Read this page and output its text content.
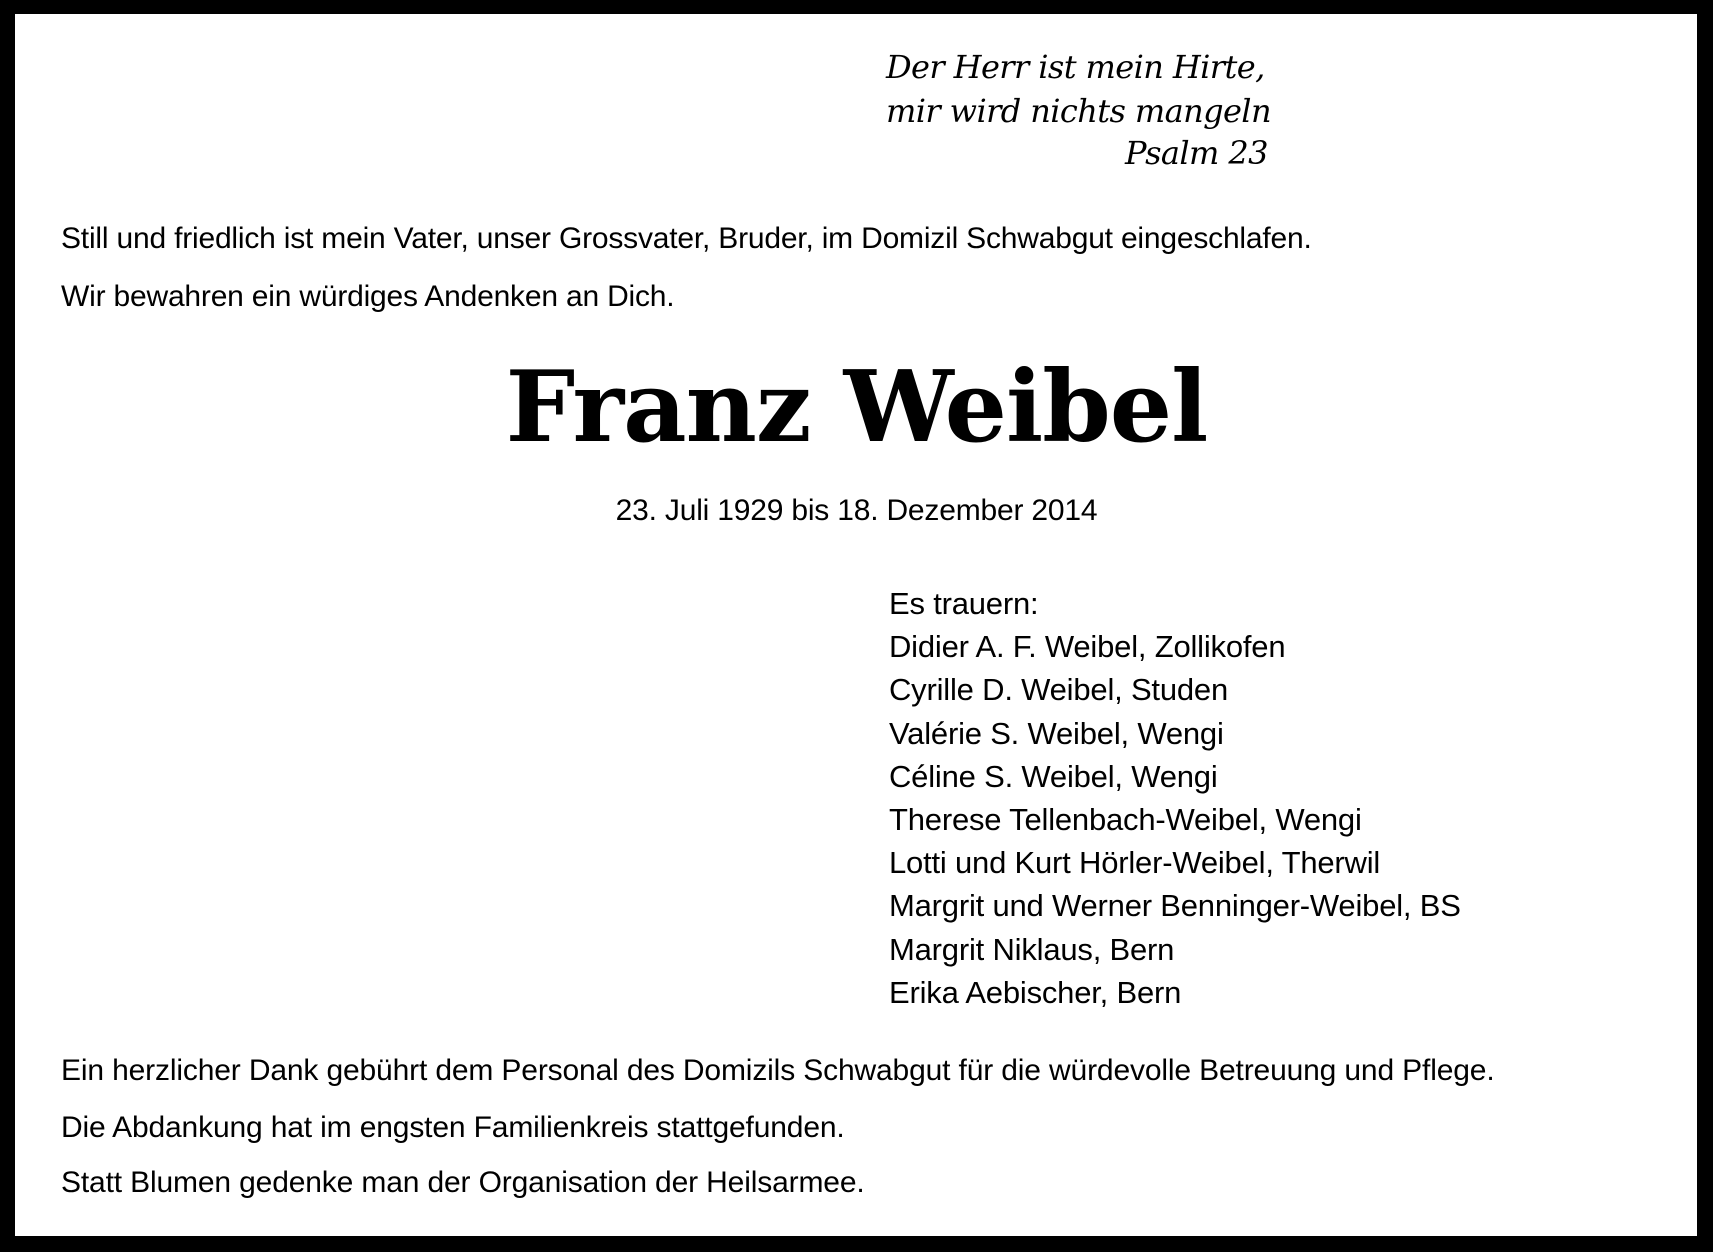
Der Herr ist mein Hirte,

mir wird nichts mangeln

Psalm 23

Still und friedlich ist mein Vater, unser Grossvater, Bruder, im Domizil Schwabgut eingeschlafen.

Wir bewahren ein würdiges Andenken an Dich.

Franz Weibel

23. Juli 1929 bis 18. Dezember 2014

Es trauern:
Didier A. F. Weibel, Zollikofen
Cyrille D. Weibel, Studen
Valérie S. Weibel, Wengi
Céline S. Weibel, Wengi
Therese Tellenbach-Weibel, Wengi
Lotti und Kurt Hörler-Weibel, Therwil
Margrit und Werner Benninger-Weibel, BS
Margrit Niklaus, Bern
Erika Aebischer, Bern

Ein herzlicher Dank gebührt dem Personal des Domizils Schwabgut für die würdevolle Betreuung und Pflege.

Die Abdankung hat im engsten Familienkreis stattgefunden.

Statt Blumen gedenke man der Organisation der Heilsarmee.
